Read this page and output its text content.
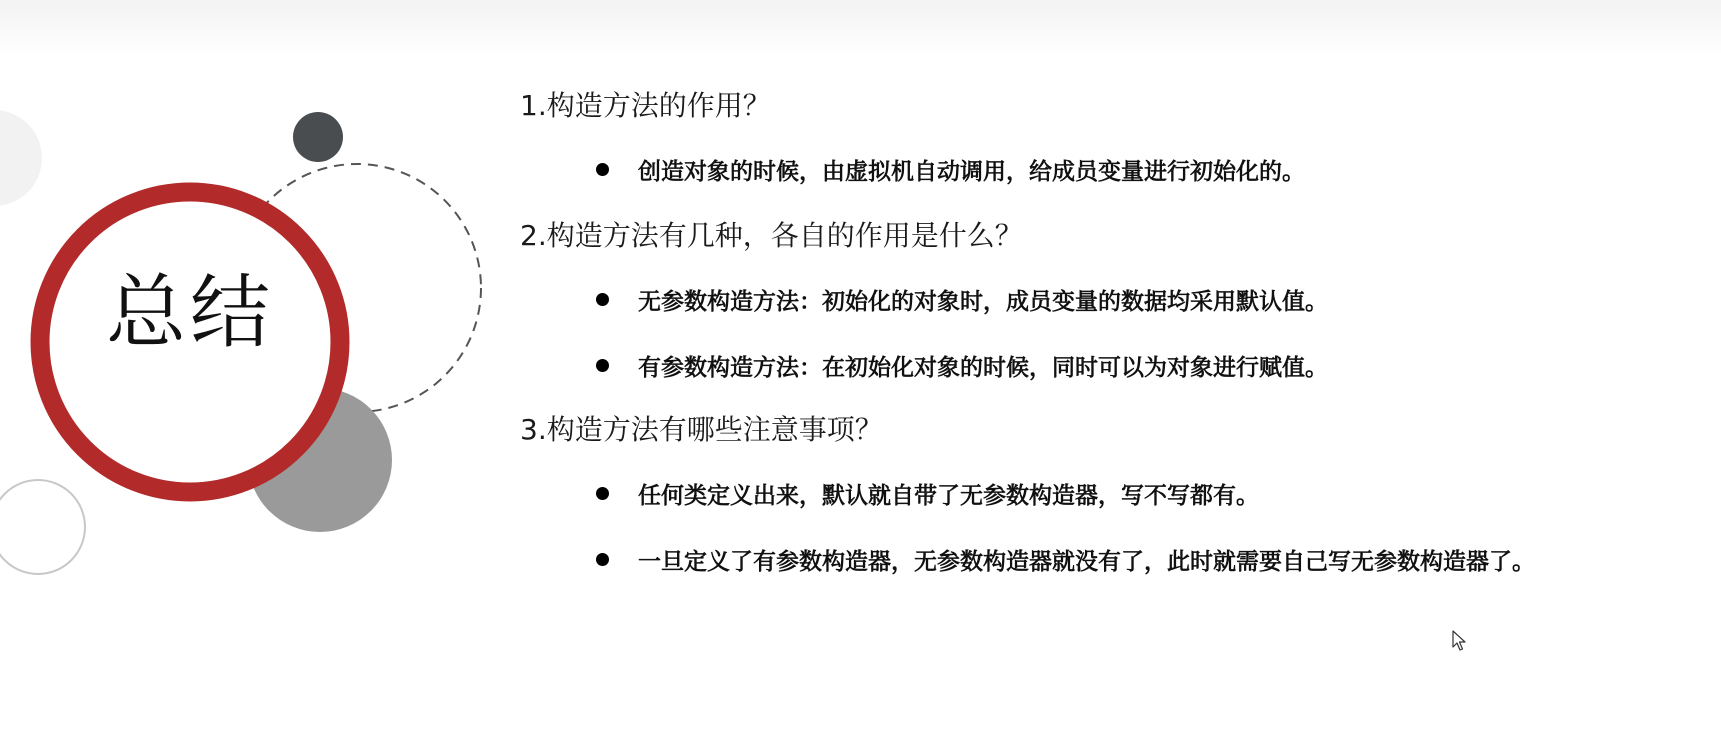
总结
1.构造方法的作用？
创造对象的时候，由虚拟机自动调用，给成员变量进行初始化的。
2.构造方法有几种，各自的作用是什么？
无参数构造方法：初始化的对象时，成员变量的数据均采用默认值。
有参数构造方法：在初始化对象的时候，同时可以为对象进行赋值。
3.构造方法有哪些注意事项？
任何类定义出来，默认就自带了无参数构造器，写不写都有。
一旦定义了有参数构造器，无参数构造器就没有了，此时就需要自己写无参数构造器了。
